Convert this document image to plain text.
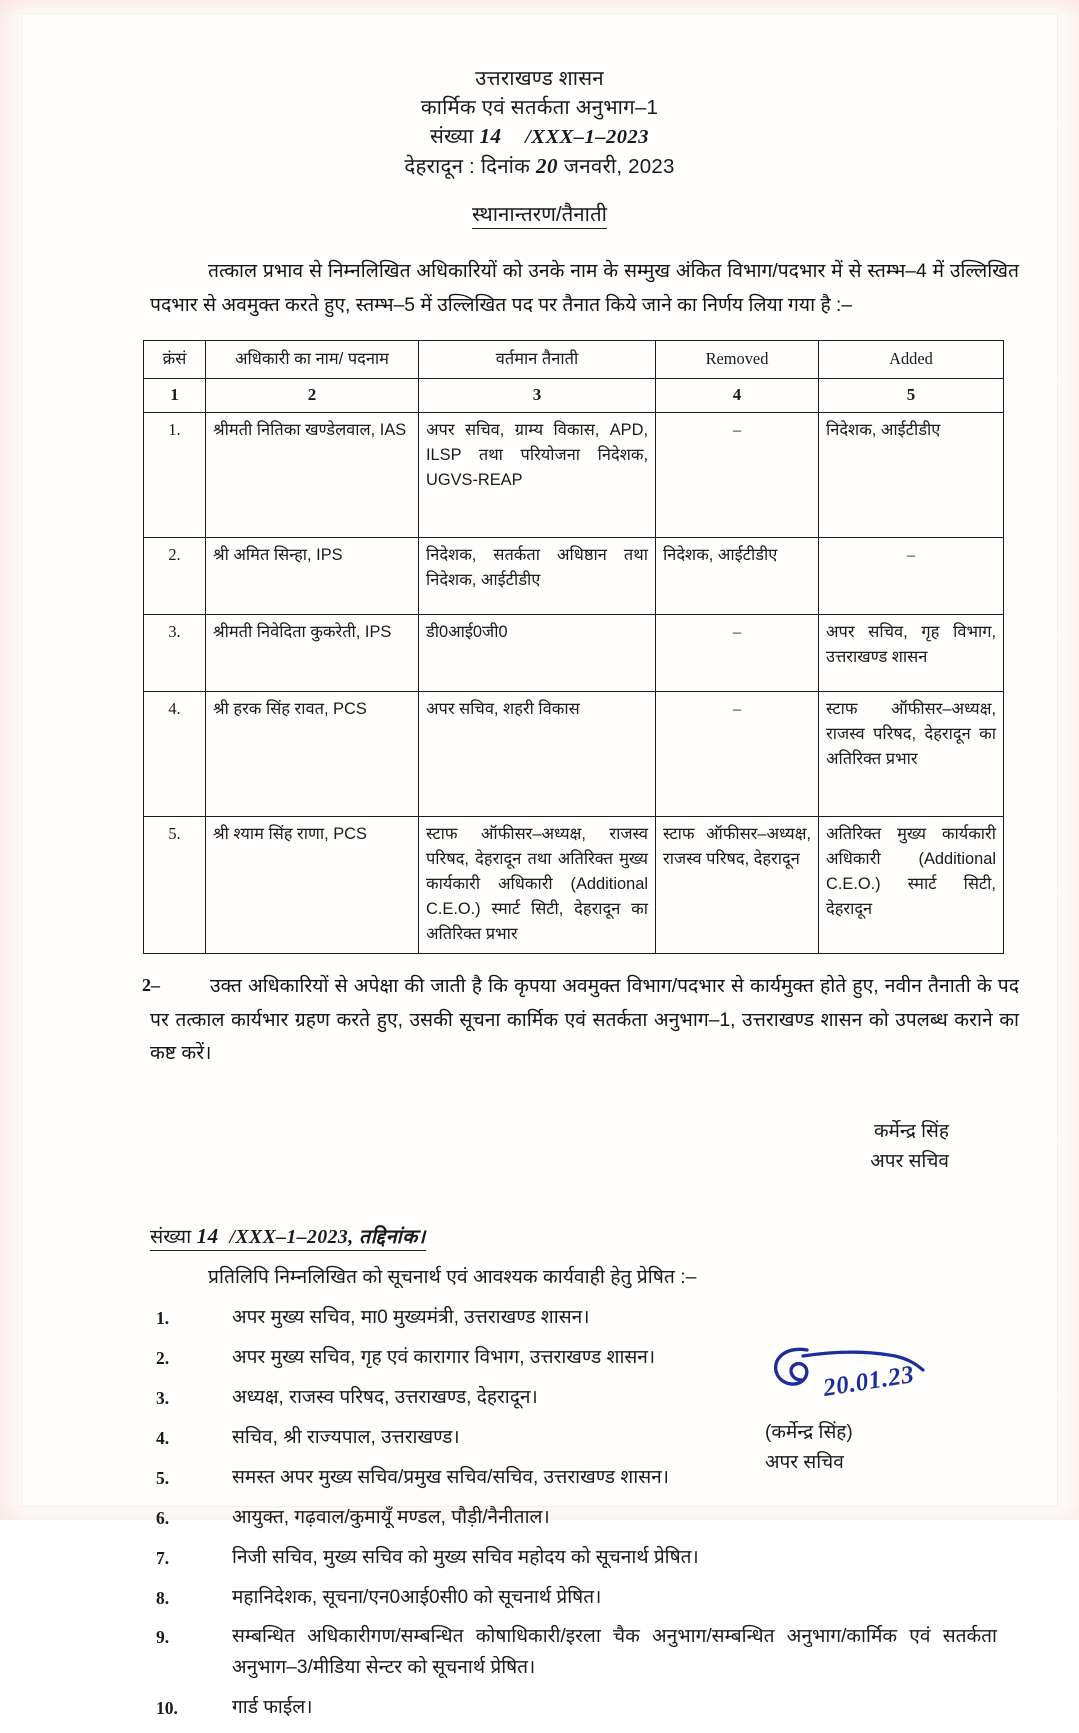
उत्तराखण्ड शासन
कार्मिक एवं सतर्कता अनुभाग–1
संख्या 14 /XXX–1–2023
देहरादून : दिनांक 20 जनवरी, 2023
स्थानान्तरण/तैनाती
तत्काल प्रभाव से निम्नलिखित अधिकारियों को उनके नाम के सम्मुख अंकित विभाग/पदभार में से स्तम्भ–4 में उल्लिखित पदभार से अवमुक्त करते हुए, स्तम्भ–5 में उल्लिखित पद पर तैनात किये जाने का निर्णय लिया गया है :–
क्रंसं	अधिकारी का नाम/ पदनाम	वर्तमान तैनाती	Removed	Added
1	2	3	4	5
1.	श्रीमती नितिका खण्डेलवाल, IAS	अपर सचिव, ग्राम्य विकास, APD, ILSP तथा परियोजना निदेशक, UGVS-REAP	–	निदेशक, आईटीडीए
2.	श्री अमित सिन्हा, IPS	निदेशक, सतर्कता अधिष्ठान तथा निदेशक, आईटीडीए	निदेशक, आईटीडीए	–
3.	श्रीमती निवेदिता कुकरेती, IPS	डी0आई0जी0	–	अपर सचिव, गृह विभाग, उत्तराखण्ड शासन
4.	श्री हरक सिंह रावत, PCS	अपर सचिव, शहरी विकास	–	स्टाफ ऑफीसर–अध्यक्ष, राजस्व परिषद, देहरादून का अतिरिक्त प्रभार
5.	श्री श्याम सिंह राणा, PCS	स्टाफ ऑफीसर–अध्यक्ष, राजस्व परिषद, देहरादून तथा अतिरिक्त मुख्य कार्यकारी अधिकारी (Additional C.E.O.) स्मार्ट सिटी, देहरादून का अतिरिक्त प्रभार	स्टाफ ऑफीसर–अध्यक्ष, राजस्व परिषद, देहरादून	अतिरिक्त मुख्य कार्यकारी अधिकारी (Additional C.E.O.) स्मार्ट सिटी, देहरादून
2–	उक्त अधिकारियों से अपेक्षा की जाती है कि कृपया अवमुक्त विभाग/पदभार से कार्यमुक्त होते हुए, नवीन तैनाती के पद पर तत्काल कार्यभार ग्रहण करते हुए, उसकी सूचना कार्मिक एवं सतर्कता अनुभाग–1, उत्तराखण्ड शासन को उपलब्ध कराने का कष्ट करें।
कर्मेन्द्र सिंह
अपर सचिव
संख्या 14 /XXX–1–2023, तद्दिनांक।
प्रतिलिपि निम्नलिखित को सूचनार्थ एवं आवश्यक कार्यवाही हेतु प्रेषित :–
1.	अपर मुख्य सचिव, मा0 मुख्यमंत्री, उत्तराखण्ड शासन।
2.	अपर मुख्य सचिव, गृह एवं कारागार विभाग, उत्तराखण्ड शासन।
3.	अध्यक्ष, राजस्व परिषद, उत्तराखण्ड, देहरादून।
4.	सचिव, श्री राज्यपाल, उत्तराखण्ड।
5.	समस्त अपर मुख्य सचिव/प्रमुख सचिव/सचिव, उत्तराखण्ड शासन।
6.	आयुक्त, गढ़वाल/कुमायूँ मण्डल, पौड़ी/नैनीताल।
7.	निजी सचिव, मुख्य सचिव को मुख्य सचिव महोदय को सूचनार्थ प्रेषित।
8.	महानिदेशक, सूचना/एन0आई0सी0 को सूचनार्थ प्रेषित।
9.	सम्बन्धित अधिकारीगण/सम्बन्धित कोषाधिकारी/इरला चैक अनुभाग/सम्बन्धित अनुभाग/कार्मिक एवं सतर्कता अनुभाग–3/मीडिया सेन्टर को सूचनार्थ प्रेषित।
10.	गार्ड फाईल।
20.01.23
(कर्मेन्द्र सिंह)
अपर सचिव
